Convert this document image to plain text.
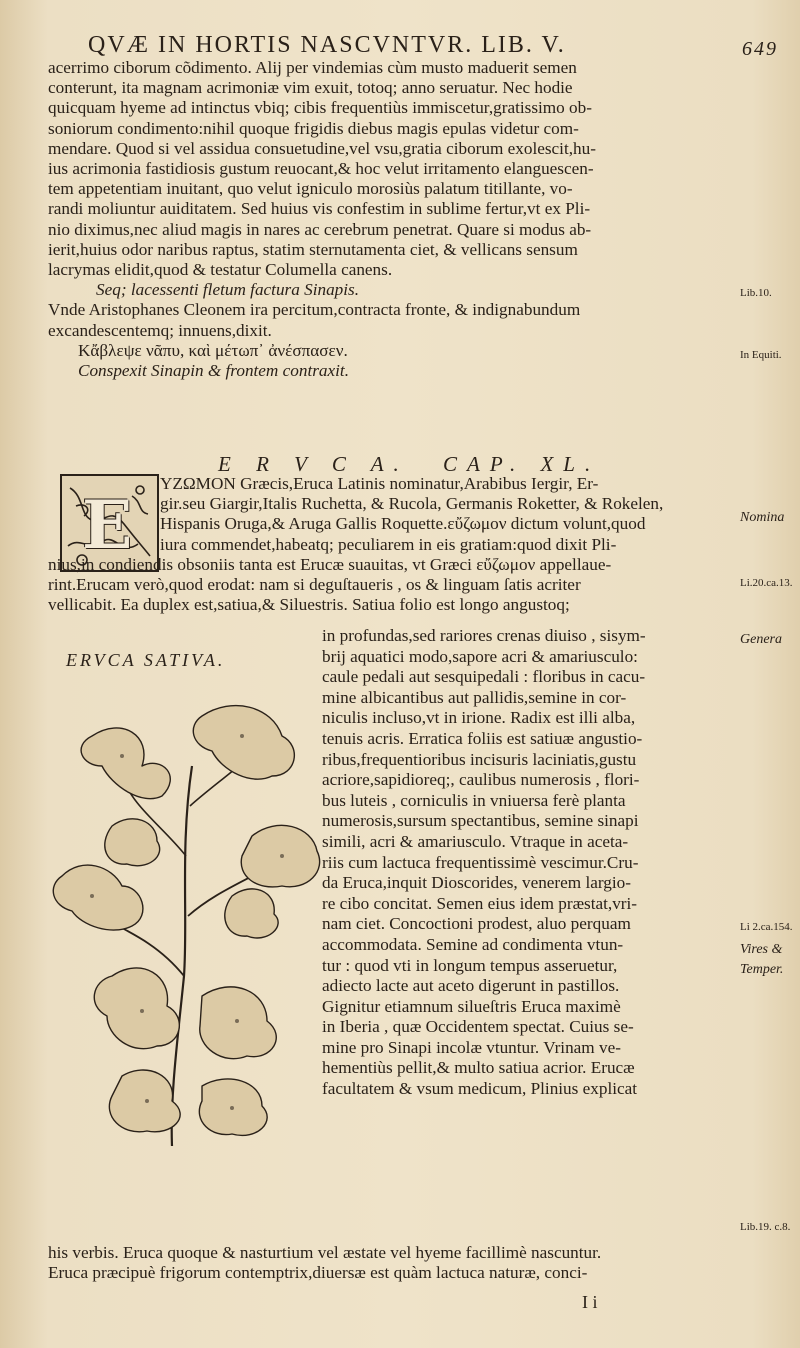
QVÆ IN HORTIS NASCVNTVR. LIB. V.	649
acerrimo ciborum cõdimento. Alij per vindemias cùm musto maduerit semen
conterunt, ita magnam acrimoniæ vim exuit, totoq; anno seruatur. Nec hodie
quicquam hyeme ad intinctus vbiq; cibis frequentiùs immiscetur,gratissimo ob-
soniorum condimento:nihil quoque frigidis diebus magis epulas videtur com-
mendare. Quod si vel assidua consuetudine,vel vsu,gratia ciborum exolescit,hu-
ius acrimonia fastidiosis gustum reuocant,& hoc velut irritamento elanguescen-
tem appetentiam inuitant, quo velut igniculo morosiùs palatum titillante, vo-
randi moliuntur auiditatem. Sed huius vis confestim in sublime fertur,vt ex Pli-
nio diximus,nec aliud magis in nares ac cerebrum penetrat. Quare si modus ab-
ierit,huius odor naribus raptus, statim sternutamenta ciet, & vellicans sensum
lacrymas elidit,quod & testatur Columella canens.
Seq; lacessenti fletum factura Sinapis.
Vnde Aristophanes Cleonem ira percitum,contracta fronte, & indignabundum
excandescentemq; innuens,dixit.
Κἄβλεψε νᾶπυ, καὶ μέτωπ᾽ ἀνέσπασεν.
Conspexit Sinapin & frontem contraxit.
E R V C A. CAP. XL.
E
YZΩMON Græcis,Eruca Latinis nominatur,Arabibus Iergir, Er-
gir.seu Giargir,Italis Ruchetta, & Rucola, Germanis Roketter, & Rokelen,
Hispanis Oruga,& Aruga Gallis Roquette.εὔζωμον dictum volunt,quod
iura commendet,habeatq; peculiarem in eis gratiam:quod dixit Pli-
nius,in condiendis obsoniis tanta est Erucæ suauitas, vt Græci εὔζωμον appellaue-
rint.Erucam verò,quod erodat: nam si deguſtaueris , os & linguam ſatis acriter
vellicabit. Ea duplex est,satiua,& Siluestris. Satiua folio est longo angustoq;
ERVCA SATIVA.
in profundas,sed rariores crenas diuiso , sisym-
brij aquatici modo,sapore acri & amariusculo:
caule pedali aut sesquipedali : floribus in cacu-
mine albicantibus aut pallidis,semine in cor-
niculis incluso,vt in irione. Radix est illi alba,
tenuis acris. Erratica foliis est satiuæ angustio-
ribus,frequentioribus incisuris laciniatis,gustu
acriore,sapidioreq;, caulibus numerosis , flori-
bus luteis , corniculis in vniuersa ferè planta
numerosis,sursum spectantibus, semine sinapi
simili, acri & amariusculo. Vtraque in aceta-
riis cum lactuca frequentissimè vescimur.Cru-
da Eruca,inquit Dioscorides, venerem largio-
re cibo concitat. Semen eius idem præstat,vri-
nam ciet. Concoctioni prodest, aluo perquam
accommodata. Semine ad condimenta vtun-
tur : quod vti in longum tempus asseruetur,
adiecto lacte aut aceto digerunt in pastillos.
Gignitur etiamnum silueſtris Eruca maximè
in Iberia , quæ Occidentem spectat. Cuius se-
mine pro Sinapi incolæ vtuntur. Vrinam ve-
hementiùs pellit,& multo satiua acrior. Erucæ
facultatem & vsum medicum, Plinius explicat
his verbis. Eruca quoque & nasturtium vel æstate vel hyeme facillimè nascuntur.
Eruca præcipuè frigorum contemptrix,diuersæ est quàm lactuca naturæ, conci-
I i
Lib.10.
In Equiti.
Nomina
Li.20.ca.13.
Genera
Li 2.ca.154.
Vires &
Temper.
Lib.19. c.8.
